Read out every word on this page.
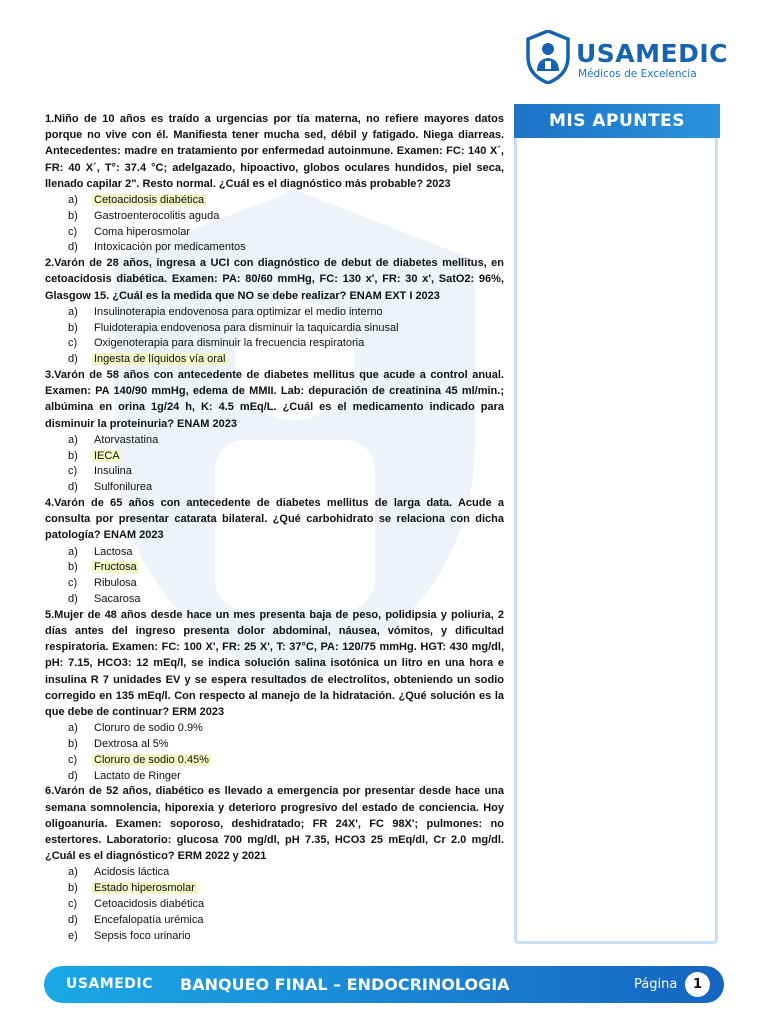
USAMEDIC
Médicos de Excelencia

1.Niño de 10 años es traído a urgencias por tía materna, no refiere mayores datos porque no vive con él. Manifiesta tener mucha sed, débil y fatigado. Niega diarreas. Antecedentes: madre en tratamiento por enfermedad autoinmune. Examen: FC: 140 X´, FR: 40 X´, T°: 37.4 °C; adelgazado, hipoactivo, globos oculares hundidos, piel seca, llenado capilar 2". Resto normal. ¿Cuál es el diagnóstico más probable? 2023

a) Cetoacidosis diabética
b) Gastroenterocolitis aguda
c) Coma hiperosmolar
d) Intoxicación por medicamentos

2.Varón de 28 años, ingresa a UCI con diagnóstico de debut de diabetes mellitus, en cetoacidosis diabética. Examen: PA: 80/60 mmHg, FC: 130 x', FR: 30 x', SatO2: 96%, Glasgow 15. ¿Cuál es la medida que NO se debe realizar? ENAM EXT I 2023

a) Insulinoterapia endovenosa para optimizar el medio interno
b) Fluidoterapia endovenosa para disminuir la taquicardia sinusal
c) Oxigenoterapia para disminuir la frecuencia respiratoria
d) Ingesta de líquidos vía oral

3.Varón de 58 años con antecedente de diabetes mellitus que acude a control anual. Examen: PA 140/90 mmHg, edema de MMII. Lab: depuración de creatinina 45 ml/min.; albúmina en orina 1g/24 h, K: 4.5 mEq/L. ¿Cuál es el medicamento indicado para disminuir la proteinuria? ENAM 2023

a) Atorvastatina
b) IECA
c) Insulina
d) Sulfonilurea

4.Varón de 65 años con antecedente de diabetes mellitus de larga data. Acude a consulta por presentar catarata bilateral. ¿Qué carbohidrato se relaciona con dicha patología? ENAM 2023

a) Lactosa
b) Fructosa
c) Ribulosa
d) Sacarosa

5.Mujer de 48 años desde hace un mes presenta baja de peso, polidipsia y poliuria, 2 días antes del ingreso presenta dolor abdominal, náusea, vómitos, y dificultad respiratoria. Examen: FC: 100 X', FR: 25 X', T: 37°C, PA: 120/75 mmHg. HGT: 430 mg/dl, pH: 7.15, HCO3: 12 mEq/l, se indica solución salina isotónica un litro en una hora e insulina R 7 unidades EV y se espera resultados de electrolitos, obteniendo un sodio corregido en 135 mEq/l. Con respecto al manejo de la hidratación. ¿Qué solución es la que debe de continuar? ERM 2023

a) Cloruro de sodio 0.9%
b) Dextrosa al 5%
c) Cloruro de sodio 0.45%
d) Lactato de Ringer

6.Varón de 52 años, diabético es llevado a emergencia por presentar desde hace una semana somnolencia, hiporexia y deterioro progresivo del estado de conciencia. Hoy oligoanuria. Examen: soporoso, deshidratado; FR 24X', FC 98X'; pulmones: no estertores. Laboratorio: glucosa 700 mg/dl, pH 7.35, HCO3 25 mEq/dl, Cr 2.0 mg/dl. ¿Cuál es el diagnóstico? ERM 2022 y 2021

a) Acidosis láctica
b) Estado hiperosmolar
c) Cetoacidosis diabética
d) Encefalopatía urémica
e) Sepsis foco urinario
MIS APUNTES
USAMEDIC BANQUEO FINAL – ENDOCRINOLOGIA	Página	1
